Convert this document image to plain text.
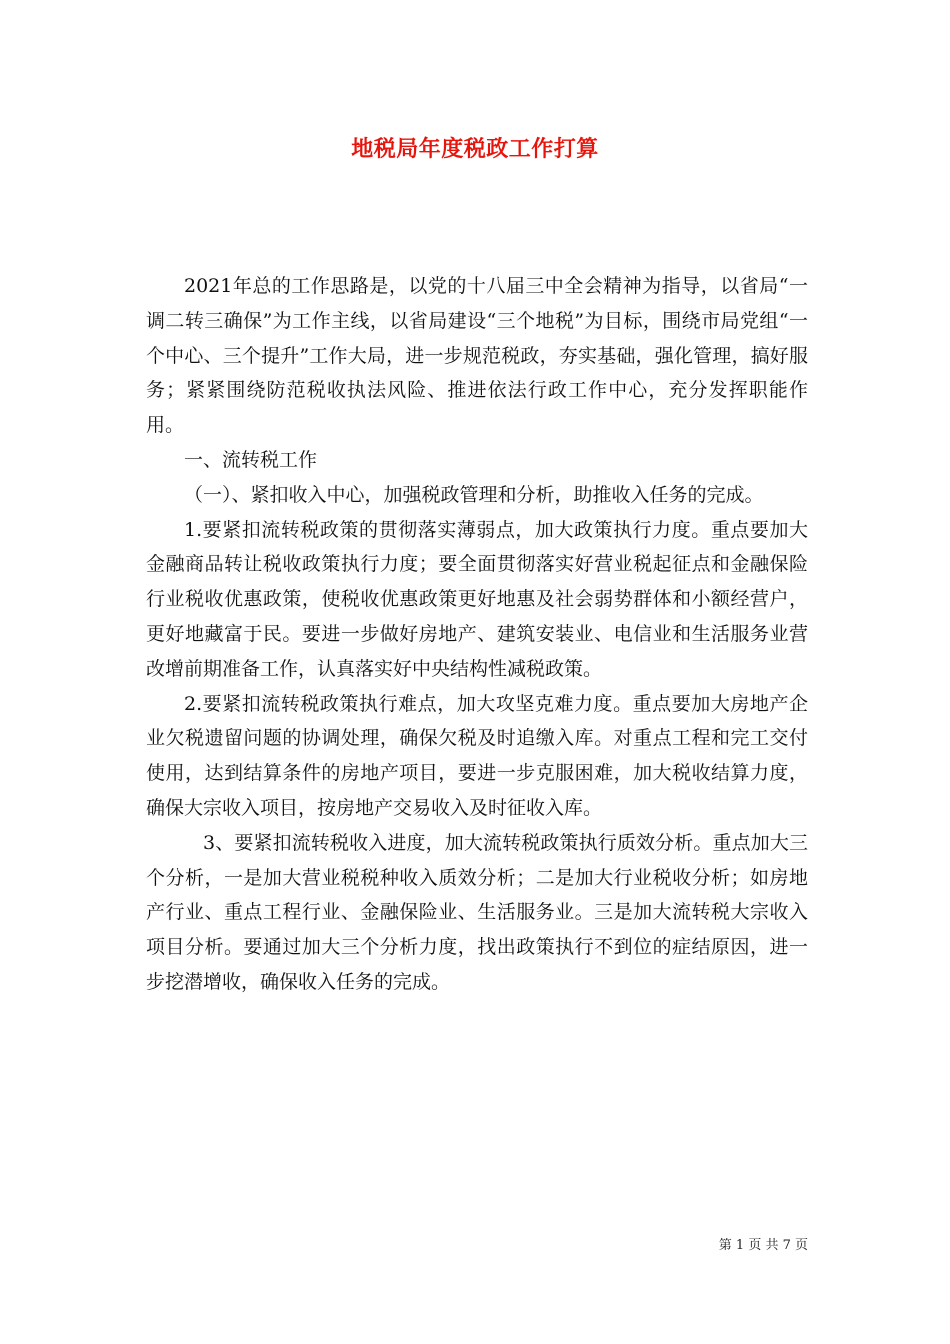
地税局年度税政工作打算

2021年总的工作思路是，以党的十八届三中全会精神为指导，以省局“一调二转三确保”为工作主线，以省局建设“三个地税”为目标，围绕市局党组“一个中心、三个提升”工作大局，进一步规范税政，夯实基础，强化管理，搞好服务；紧紧围绕防范税收执法风险、推进依法行政工作中心，充分发挥职能作用。

一、流转税工作

（一）、紧扣收入中心，加强税政管理和分析，助推收入任务的完成。

1.要紧扣流转税政策的贯彻落实薄弱点，加大政策执行力度。重点要加大金融商品转让税收政策执行力度；要全面贯彻落实好营业税起征点和金融保险行业税收优惠政策，使税收优惠政策更好地惠及社会弱势群体和小额经营户，更好地藏富于民。要进一步做好房地产、建筑安装业、电信业和生活服务业营改增前期准备工作，认真落实好中央结构性减税政策。

2.要紧扣流转税政策执行难点，加大攻坚克难力度。重点要加大房地产企业欠税遗留问题的协调处理，确保欠税及时追缴入库。对重点工程和完工交付使用，达到结算条件的房地产项目，要进一步克服困难，加大税收结算力度，确保大宗收入项目，按房地产交易收入及时征收入库。

3、要紧扣流转税收入进度，加大流转税政策执行质效分析。重点加大三个分析，一是加大营业税税种收入质效分析；二是加大行业税收分析；如房地产行业、重点工程行业、金融保险业、生活服务业。三是加大流转税大宗收入项目分析。要通过加大三个分析力度，找出政策执行不到位的症结原因，进一步挖潜增收，确保收入任务的完成。

第 1 页 共 7 页
